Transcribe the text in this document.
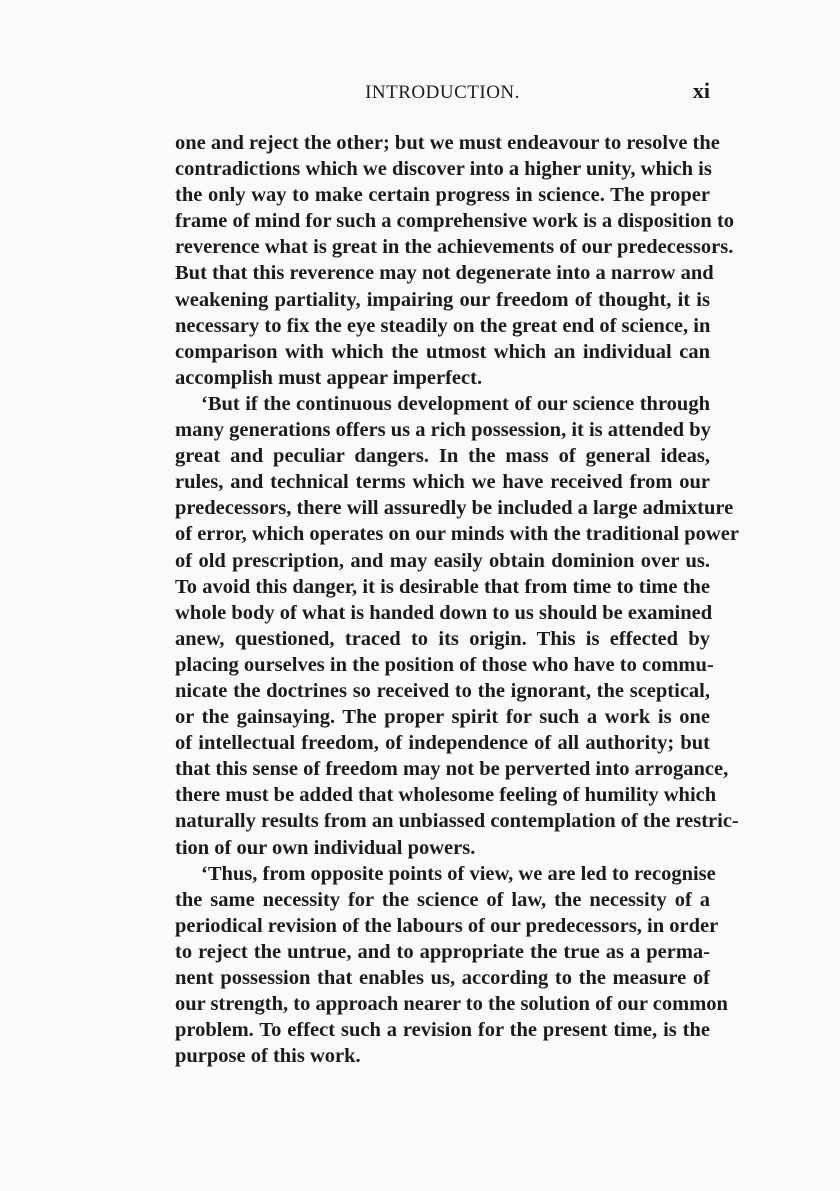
INTRODUCTION.	xi
one and reject the other; but we must endeavour to resolve the
contradictions which we discover into a higher unity, which is
the only way to make certain progress in science. The proper
frame of mind for such a comprehensive work is a disposition to
reverence what is great in the achievements of our predecessors.
But that this reverence may not degenerate into a narrow and
weakening partiality, impairing our freedom of thought, it is
necessary to fix the eye steadily on the great end of science, in
comparison with which the utmost which an individual can
accomplish must appear imperfect.
‘But if the continuous development of our science through
many generations offers us a rich possession, it is attended by
great and peculiar dangers. In the mass of general ideas,
rules, and technical terms which we have received from our
predecessors, there will assuredly be included a large admixture
of error, which operates on our minds with the traditional power
of old prescription, and may easily obtain dominion over us.
To avoid this danger, it is desirable that from time to time the
whole body of what is handed down to us should be examined
anew, questioned, traced to its origin. This is effected by
placing ourselves in the position of those who have to commu-
nicate the doctrines so received to the ignorant, the sceptical,
or the gainsaying. The proper spirit for such a work is one
of intellectual freedom, of independence of all authority; but
that this sense of freedom may not be perverted into arrogance,
there must be added that wholesome feeling of humility which
naturally results from an unbiassed contemplation of the restric-
tion of our own individual powers.
‘Thus, from opposite points of view, we are led to recognise
the same necessity for the science of law, the necessity of a
periodical revision of the labours of our predecessors, in order
to reject the untrue, and to appropriate the true as a perma-
nent possession that enables us, according to the measure of
our strength, to approach nearer to the solution of our common
problem. To effect such a revision for the present time, is the
purpose of this work.
